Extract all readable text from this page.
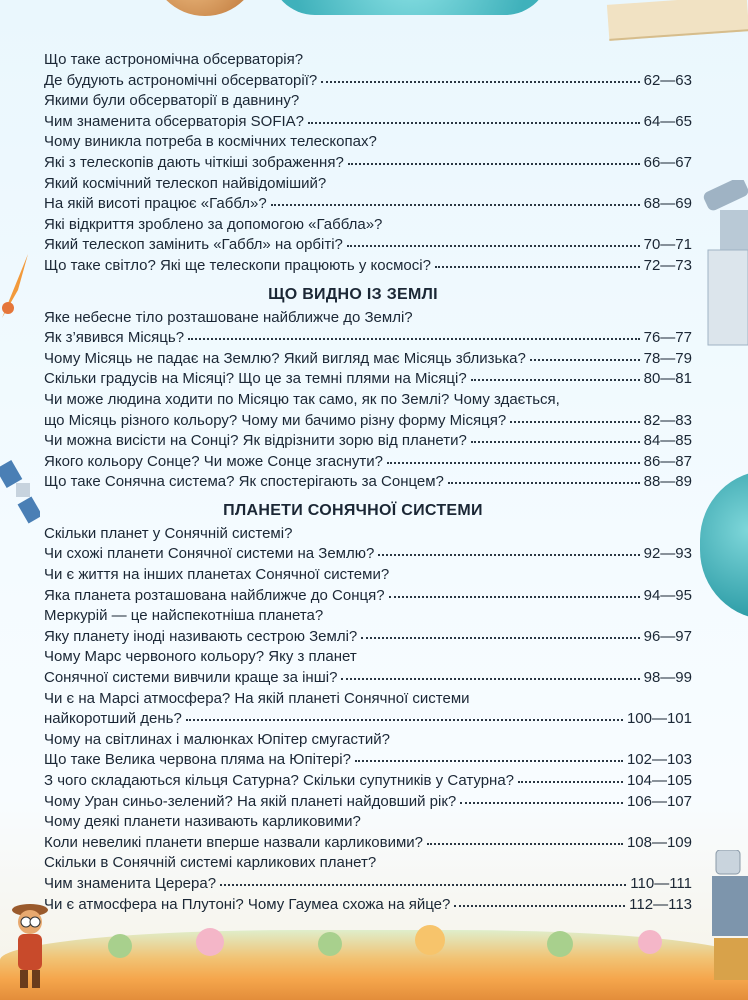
Що таке астрономічна обсерваторія?
Де будують астрономічні обсерваторії?	62—63
Якими були обсерваторії в давнину?
Чим знаменита обсерваторія SOFIA?	64—65
Чому виникла потреба в космічних телескопах?
Які з телескопів дають чіткіші зображення?	66—67
Який космічний телескоп найвідоміший?
На якій висоті працює «Габбл»?	68—69
Які відкриття зроблено за допомогою «Габбла»?
Який телескоп замінить «Габбл» на орбіті?	70—71
Що таке світло? Які ще телескопи працюють у космосі?	72—73
ЩО ВИДНО ІЗ ЗЕМЛІ
Яке небесне тіло розташоване найближче до Землі?
Як з’явився Місяць?	76—77
Чому Місяць не падає на Землю? Який вигляд має Місяць зблизька?	78—79
Скільки градусів на Місяці? Що це за темні плями на Місяці?	80—81
Чи може людина ходити по Місяцю так само, як по Землі? Чому здається,
що Місяць різного кольору? Чому ми бачимо різну форму Місяця?	82—83
Чи можна висісти на Сонці? Як відрізнити зорю від планети?	84—85
Якого кольору Сонце? Чи може Сонце згаснути?	86—87
Що таке Сонячна система? Як спостерігають за Сонцем?	88—89
ПЛАНЕТИ СОНЯЧНОЇ СИСТЕМИ
Скільки планет у Сонячній системі?
Чи схожі планети Сонячної системи на Землю?	92—93
Чи є життя на інших планетах Сонячної системи?
Яка планета розташована найближче до Сонця?	94—95
Меркурій — це найспекотніша планета?
Яку планету іноді називають сестрою Землі?	96—97
Чому Марс червоного кольору? Яку з планет
Сонячної системи вивчили краще за інші?	98—99
Чи є на Марсі атмосфера? На якій планеті Сонячної системи
найкоротший день?	100—101
Чому на світлинах і малюнках Юпітер смугастий?
Що таке Велика червона пляма на Юпітері?	102—103
З чого складаються кільця Сатурна? Скільки супутників у Сатурна?	104—105
Чому Уран синьо-зелений? На якій планеті найдовший рік?	106—107
Чому деякі планети називають карликовими?
Коли невеликі планети вперше назвали карликовими?	108—109
Скільки в Сонячній системі карликових планет?
Чим знаменита Церера?	110—111
Чи є атмосфера на Плутоні? Чому Гаумеа схожа на яйце?	112—113
